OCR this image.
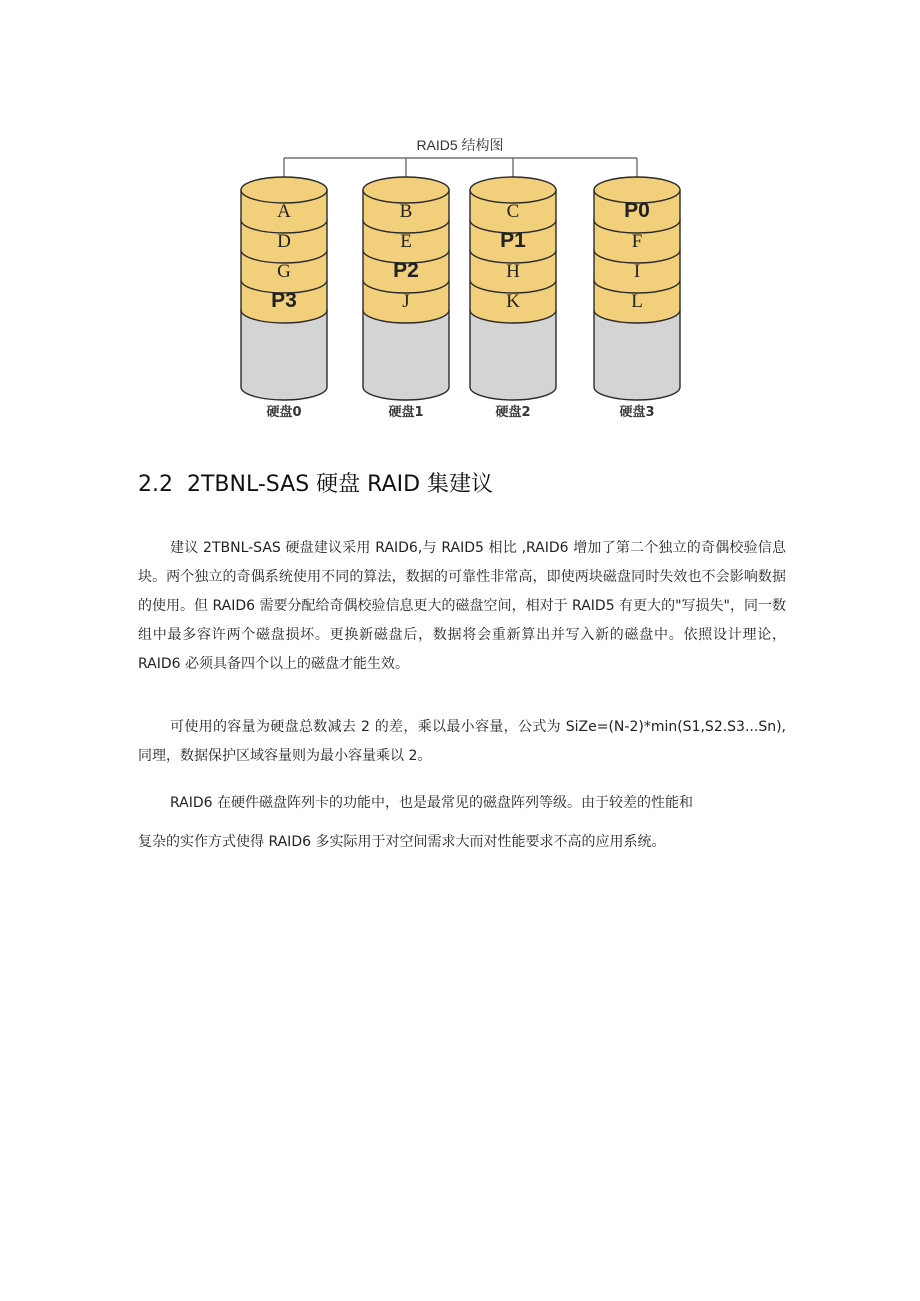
RAID5 结构图
A
D
G
P3
硬盘0
B
E
P2
J
硬盘1
C
P1
H
K
硬盘2
P0
F
I
L
硬盘3
2.2 2TBNL-SAS 硬盘 RAID 集建议

建议 2TBNL-SAS 硬盘建议采用 RAID6,与 RAID5 相比 ,RAID6 增加了第二个独立的奇偶校验信息块。两个独立的奇偶系统使用不同的算法，数据的可靠性非常高，即使两块磁盘同时失效也不会影响数据的使用。但 RAID6 需要分配给奇偶校验信息更大的磁盘空间，相对于 RAID5 有更大的"写损失"，同一数组中最多容许两个磁盘损坏。更换新磁盘后，数据将会重新算出并写入新的磁盘中。依照设计理论，RAID6 必须具备四个以上的磁盘才能生效。

可使用的容量为硬盘总数减去 2 的差，乘以最小容量，公式为 SiZe=(N-2)*min(S1,S2.S3...Sn),同理，数据保护区域容量则为最小容量乘以 2。

RAID6 在硬件磁盘阵列卡的功能中，也是最常见的磁盘阵列等级。由于较差的性能和

复杂的实作方式使得 RAID6 多实际用于对空间需求大而对性能要求不高的应用系统。
